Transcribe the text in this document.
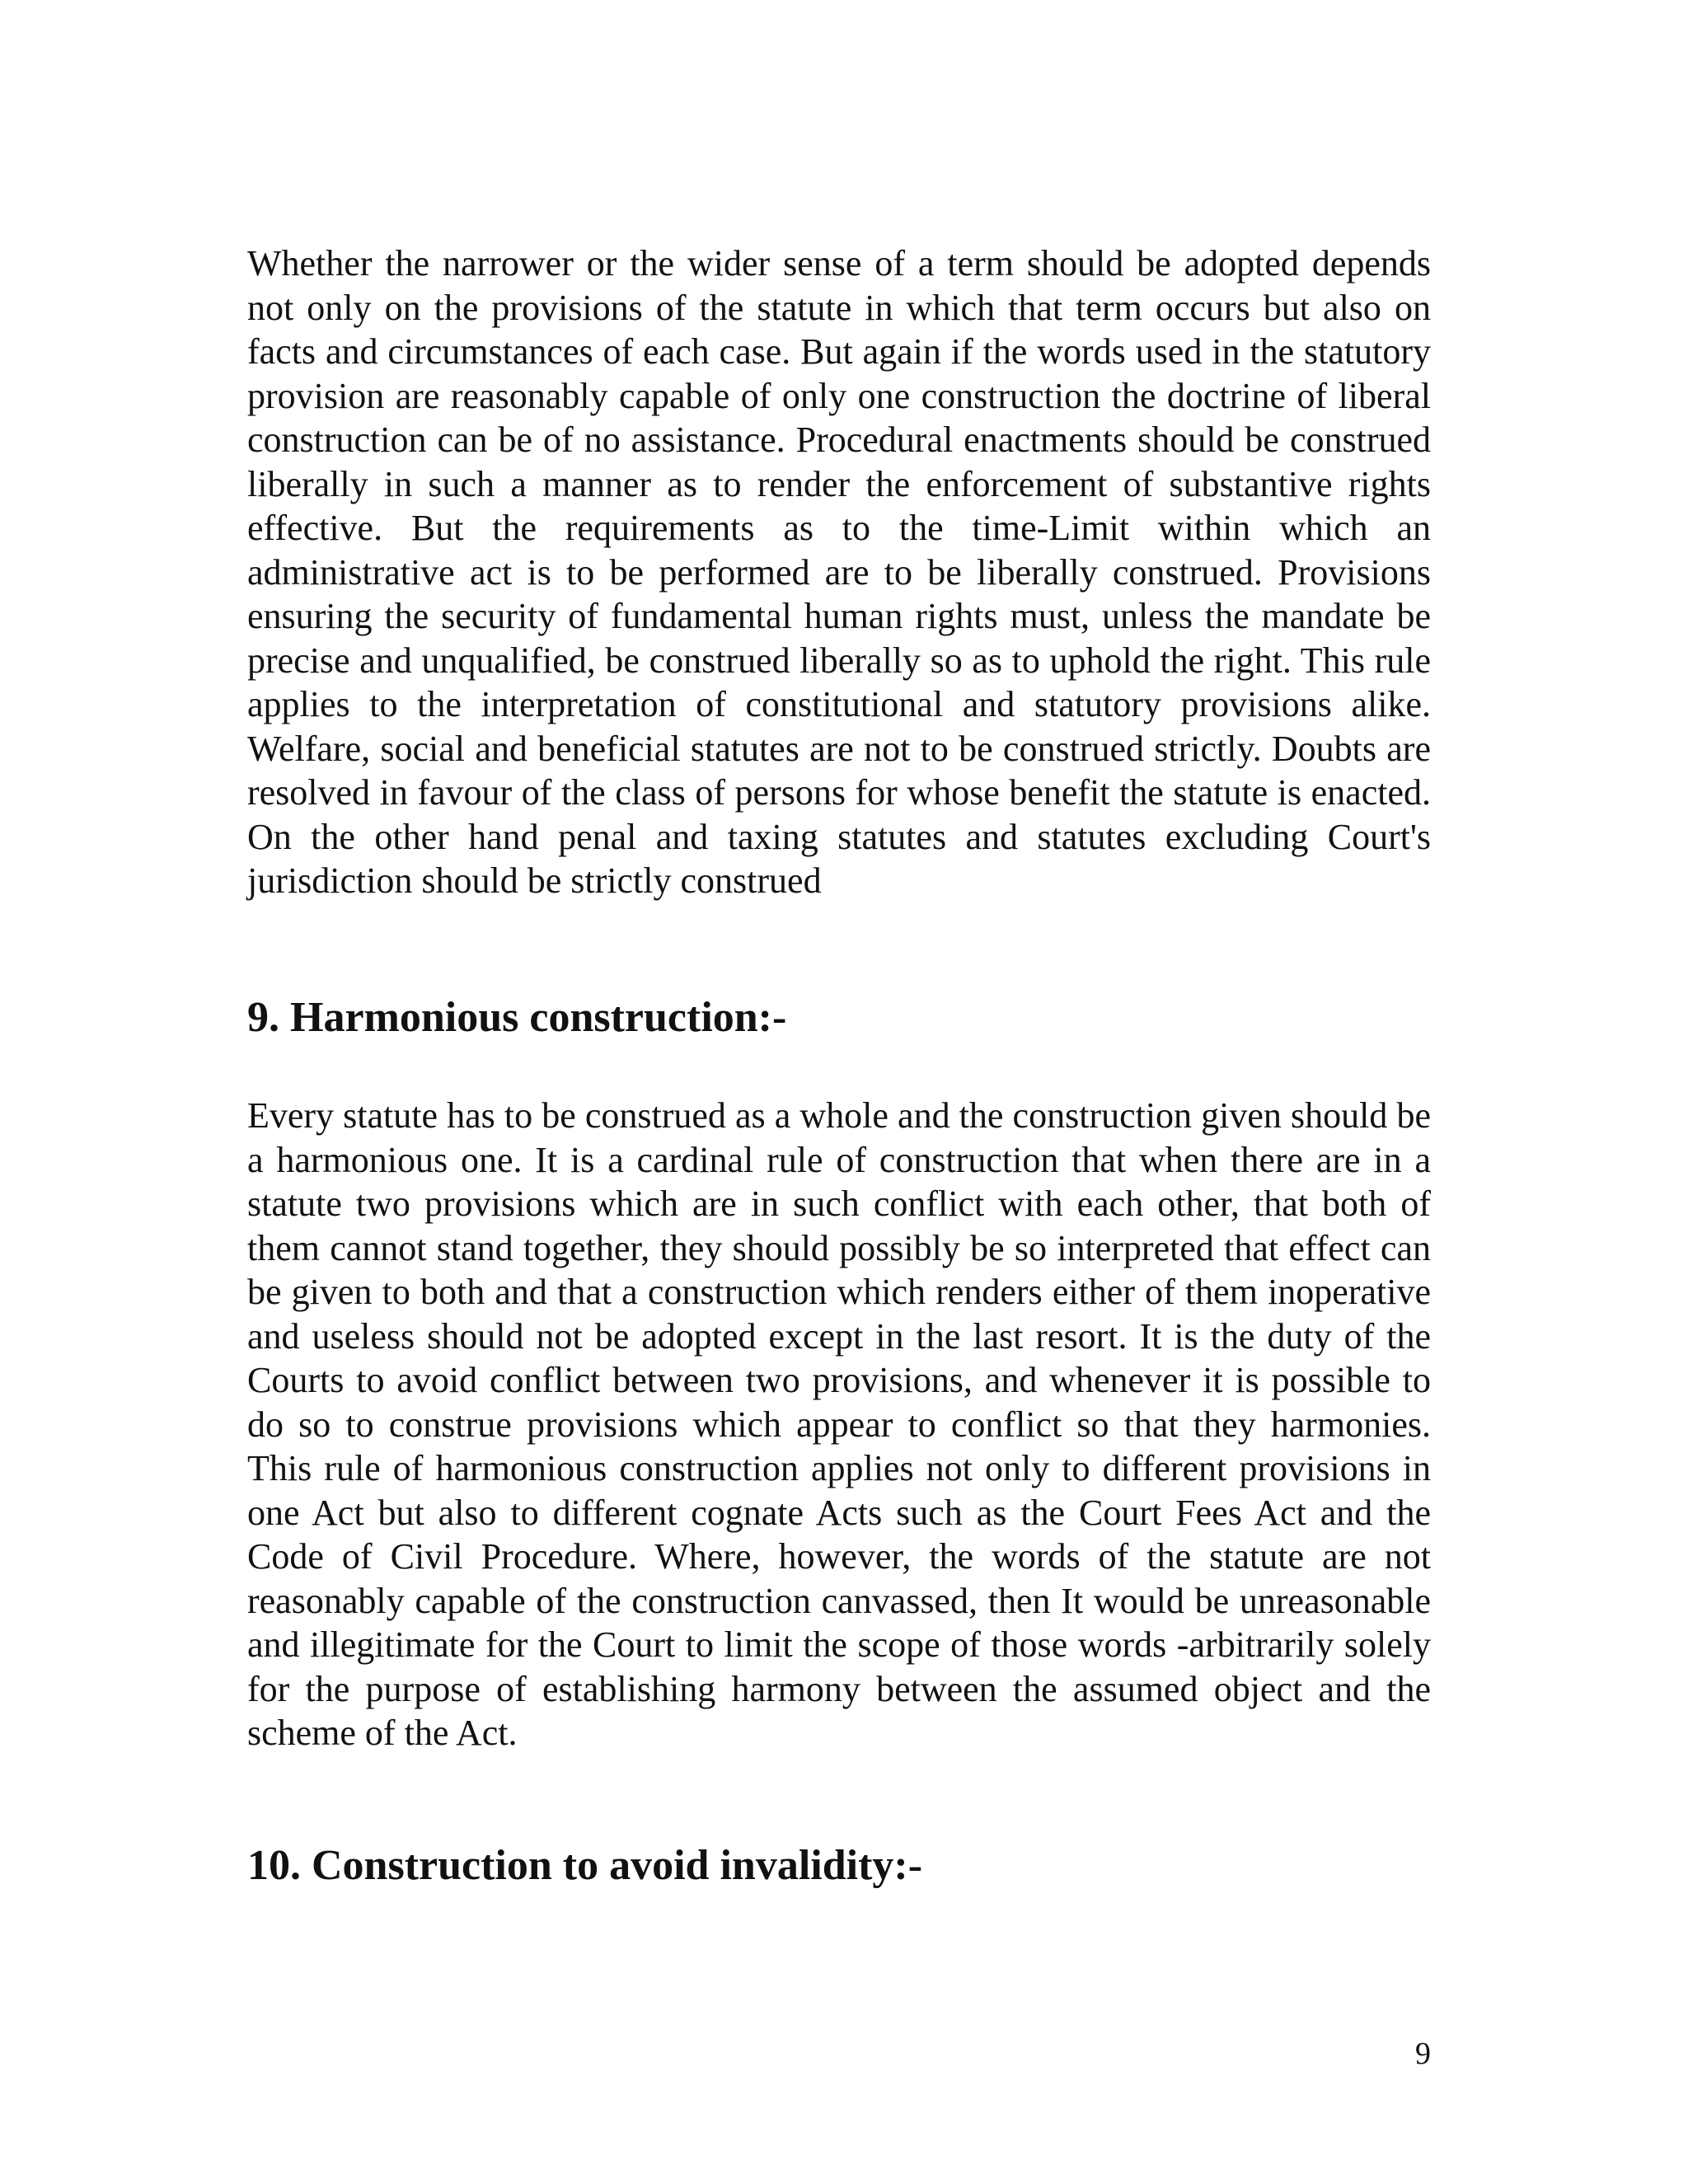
Whether the narrower or the wider sense of a term should be adopted depends not only on the provisions of the statute in which that term occurs but also on facts and circumstances of each case. But again if the words used in the statutory provision are reasonably capable of only one construction the doctrine of liberal construction can be of no assistance. Procedural enactments should be construed liberally in such a manner as to render the enforcement of substantive rights effective. But the requirements as to the time-Limit within which an administrative act is to be performed are to be liberally construed. Provisions ensuring the security of fundamental human rights must, unless the mandate be precise and unqualified, be construed liberally so as to uphold the right. This rule applies to the interpretation of constitutional and statutory provisions alike. Welfare, social and beneficial statutes are not to be construed strictly. Doubts are resolved in favour of the class of persons for whose benefit the statute is enacted. On the other hand penal and taxing statutes and statutes excluding Court's jurisdiction should be strictly construed

9. Harmonious construction:-

Every statute has to be construed as a whole and the construction given should be a harmonious one. It is a cardinal rule of construction that when there are in a statute two provisions which are in such conflict with each other, that both of them cannot stand together, they should possibly be so interpreted that effect can be given to both and that a construction which renders either of them inoperative and useless should not be adopted except in the last resort. It is the duty of the Courts to avoid conflict between two provisions, and whenever it is possible to do so to construe provisions which appear to conflict so that they harmonies. This rule of harmonious construction applies not only to different provisions in one Act but also to different cognate Acts such as the Court Fees Act and the Code of Civil Procedure. Where, however, the words of the statute are not reasonably capable of the construction canvassed, then It would be unreasonable and illegitimate for the Court to limit the scope of those words -arbitrarily solely for the purpose of establishing harmony between the assumed object and the scheme of the Act.

10. Construction to avoid invalidity:-

9
